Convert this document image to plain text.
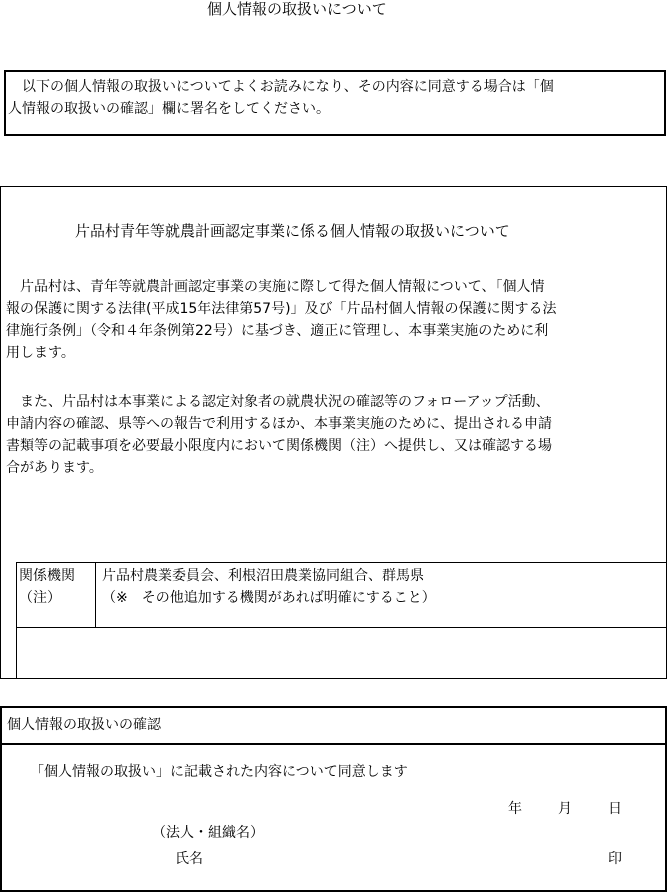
個人情報の取扱いについて
　以下の個人情報の取扱いについてよくお読みになり、その内容に同意する場合は「個
人情報の取扱いの確認」欄に署名をしてください。
片品村青年等就農計画認定事業に係る個人情報の取扱いについて
　片品村は、青年等就農計画認定事業の実施に際して得た個人情報について、「個人情
報の保護に関する法律(平成15年法律第57号)」及び「片品村個人情報の保護に関する法
律施行条例」（令和４年条例第22号）に基づき、適正に管理し、本事業実施のために利
用します。
　また、片品村は本事業による認定対象者の就農状況の確認等のフォローアップ活動、
申請内容の確認、県等への報告で利用するほか、本事業実施のために、提出される申請
書類等の記載事項を必要最小限度内において関係機関（注）へ提供し、又は確認する場
合があります。
関係機関
（注）
片品村農業委員会、利根沼田農業協同組合、群馬県
（※　その他追加する機関があれば明確にすること）
個人情報の取扱いの確認
「個人情報の取扱い」に記載された内容について同意します
年	月	日
（法人・組織名）
氏名	印
